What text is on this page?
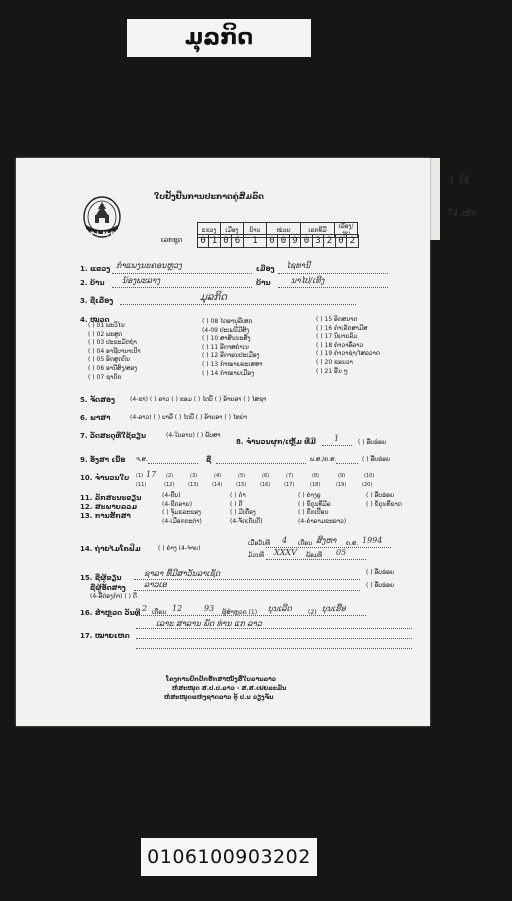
ມຸລກິດ
- 1 ໃຊ້
- 74 ໜ້າ
ໃບຢັ້ງຢືນການປະກາດຄູ່ສົມລົດ
P L M P
ເລກຊຸດ
ແຂວງ	ເມືອງ	ບ້ານ	ໜ່ວຍ	ເລກທີມື	ເລືອງ/ຮູບ
0	1	0	6	1	0	0	9	0	3	2	0	2
1. ແຂວງ ກຳແພງນະຄອນຫຼວງ	ເມືອງ ໄຊທານີ
2. ບ້ານ ນ້ອງພະລາງ	ບ້ານ	ນາໄປ/ເທີງ
3. ຊື່ເລື່ອງ	ມຸລກິດ
4. ໝວດ
( ) 01 ພະວິໄນ
( ) 02 ພະສູດ
( ) 03 ປະຂະມັດຖ່າ
( ) 04 ອາຊີບານາເປົາ
( ) 05 ອົດສູດຕົນ
( ) 06 ອານີສົງ/ສອງ
( ) 07 ຊາດົກ
( ) 08 ໄດອານຸລີເສດ
(4-09 ປະເພນີມີສົງ
( ) 10 ສາສັນນະສິ່ງ
( ) 11 ອີດາສຄຳເນ
( ) 12 ອີດາອນປະເມືອງ
( ) 13 ກຳໝາຍລະເສສາ
( ) 14 ກຳໝາຍເມືອງ
( ) 15 ອິດສນາດ
( ) 16 ຄຳເລັດສາມີສ
( ) 17 ນິຍາຍລົມ
( ) 18 ຄຳວາອີ່ລາວ
( ) 19 ຄຳວາຊ່າ/ໄສລວາດ
( ) 20 ຂອນວາ
( ) 21 ອື່ນ ໆ
5. ຈັດສອງ	(4-ຂາ) ( ) ລາວ ( ) ຂອມ ( ) ໄຕບື ( ) ອ້າຍອາ ( ) ໄສຊາ
6. ພາສາ	(4-ລາວ) ( ) ບາລີ ( ) ໄຕບື ( ) ອ້າຍອາ ( ) ໄທຍ່າ
7. ວັດສະດຸທີ່ໃຊ້ຂຽນ	(4-ໃບລານ) ( ) ພັບສາ
8. ຈຳນວນຜູກ/ເຫຼັ້ມ ທີ່ມີ 1	( ) ອີ່ບຮ່ອຍ
9. ອັງສາ ເນື້ອ ຈ.ສ.	ຊື່	ພ.ສ./ຄ.ສ.	( ) ອີ່ບຮ່ອຍ
10. ຈຳນວນໃບ 17
(1)	(2)	(3)	(4)	(5)	(6)	(7)	(8)	(9)	(10)
(11)	(12)	(13)	(14)	(15)	(16)	(17)	(18)	(19)	(20)
11. ລັກສະນະຂຽນ
12. ສະພາບລວມ
13. ການຮັກສາ
(4-ຄືບ)
(4-ຂີດລາຍ)
( ) ຈຸ້ມແລະຂອງ
(4-ເມືອກກະຕ່າ)
( ) ດຳ
( ) ດີ
( ) ມີເຄື່ອງ
(4-ຈັດເກັບດີ)
( ) ຄ່າງລູ
( ) ຂໍ້ດູນທີ່ມີລ
( ) ຄືກເປື້ອນ
(4-ຄຳລາມຂະລາວ)
( ) ອີ່ບຮ່ອຍ
( ) ຂໍ້ດູນທີ່ຂາດ
14. ຖ່າຍໄມໂຄຟິມ	( ) ຄ່າງ (4-ຈ່າຍ)
ເມື່ອວັນທີ 4 ເດືອນ ສິງຫາ ຄ.ສ. 1994
ມ້ວນທີ XXXV ພ້ອມທີ 05
15. ຊື່ຜູ້ຂຽນ	ຊາລາ ທີ່ມີສາວັນລາເຊັດ	( ) ອີ່ບຮ່ອຍ
ຊື່ຜູ້ອັດສາງ ລາວເອ	( ) ອີ່ບຮ່ອຍ
(4-ອີ່ດ່ອງກຳ) ( ) ດີ
16. ສຳຫຼວດ ວັນທີ 2 ເດືອນ 12	93 ຜູ້ສຳຫຼວດ (1) ບຸນເລີດ	(2) ບຸນເຮືອ
ເລາະ ສາລານ ພັດ ທ່ານ ແກ ລາວ
17. ໝາຍເຫດ
ໂຄງການປົກປັກຮັກສາໜັງສືໃບລານລາວ
ຫໍສະໝຸດ ສ.ປ.ປ.ລາວ - ສ.ສ.ເຢຍລະມັນ
ຫໍສະໝຸດແຫ່ງຊາດລາວ ຕູ້ ປ.ນ ວຽງຈັນ
0106100903202
